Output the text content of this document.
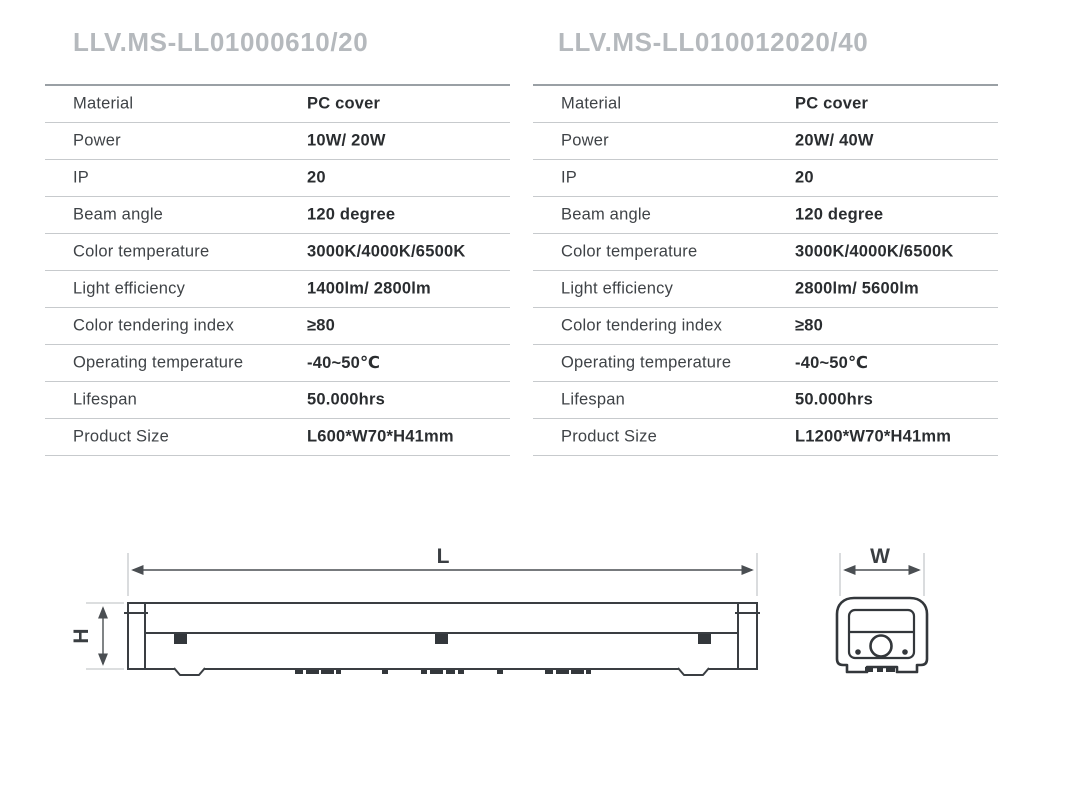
LLV.MS-LL01000610/20	LLV.MS-LL010012020/40
Material	PC cover
Power	10W/ 20W
IP	20
Beam angle	120 degree
Color temperature	3000K/4000K/6500K
Light efficiency	1400lm/ 2800lm
Color tendering index	≥80
Operating temperature	-40~50℃
Lifespan	50.000hrs
Product Size	L600*W70*H41mm
Material	PC cover
Power	20W/ 40W
IP	20
Beam angle	120 degree
Color temperature	3000K/4000K/6500K
Light efficiency	2800lm/ 5600lm
Color tendering index	≥80
Operating temperature	-40~50℃
Lifespan	50.000hrs
Product Size	L1200*W70*H41mm
L
H
W
